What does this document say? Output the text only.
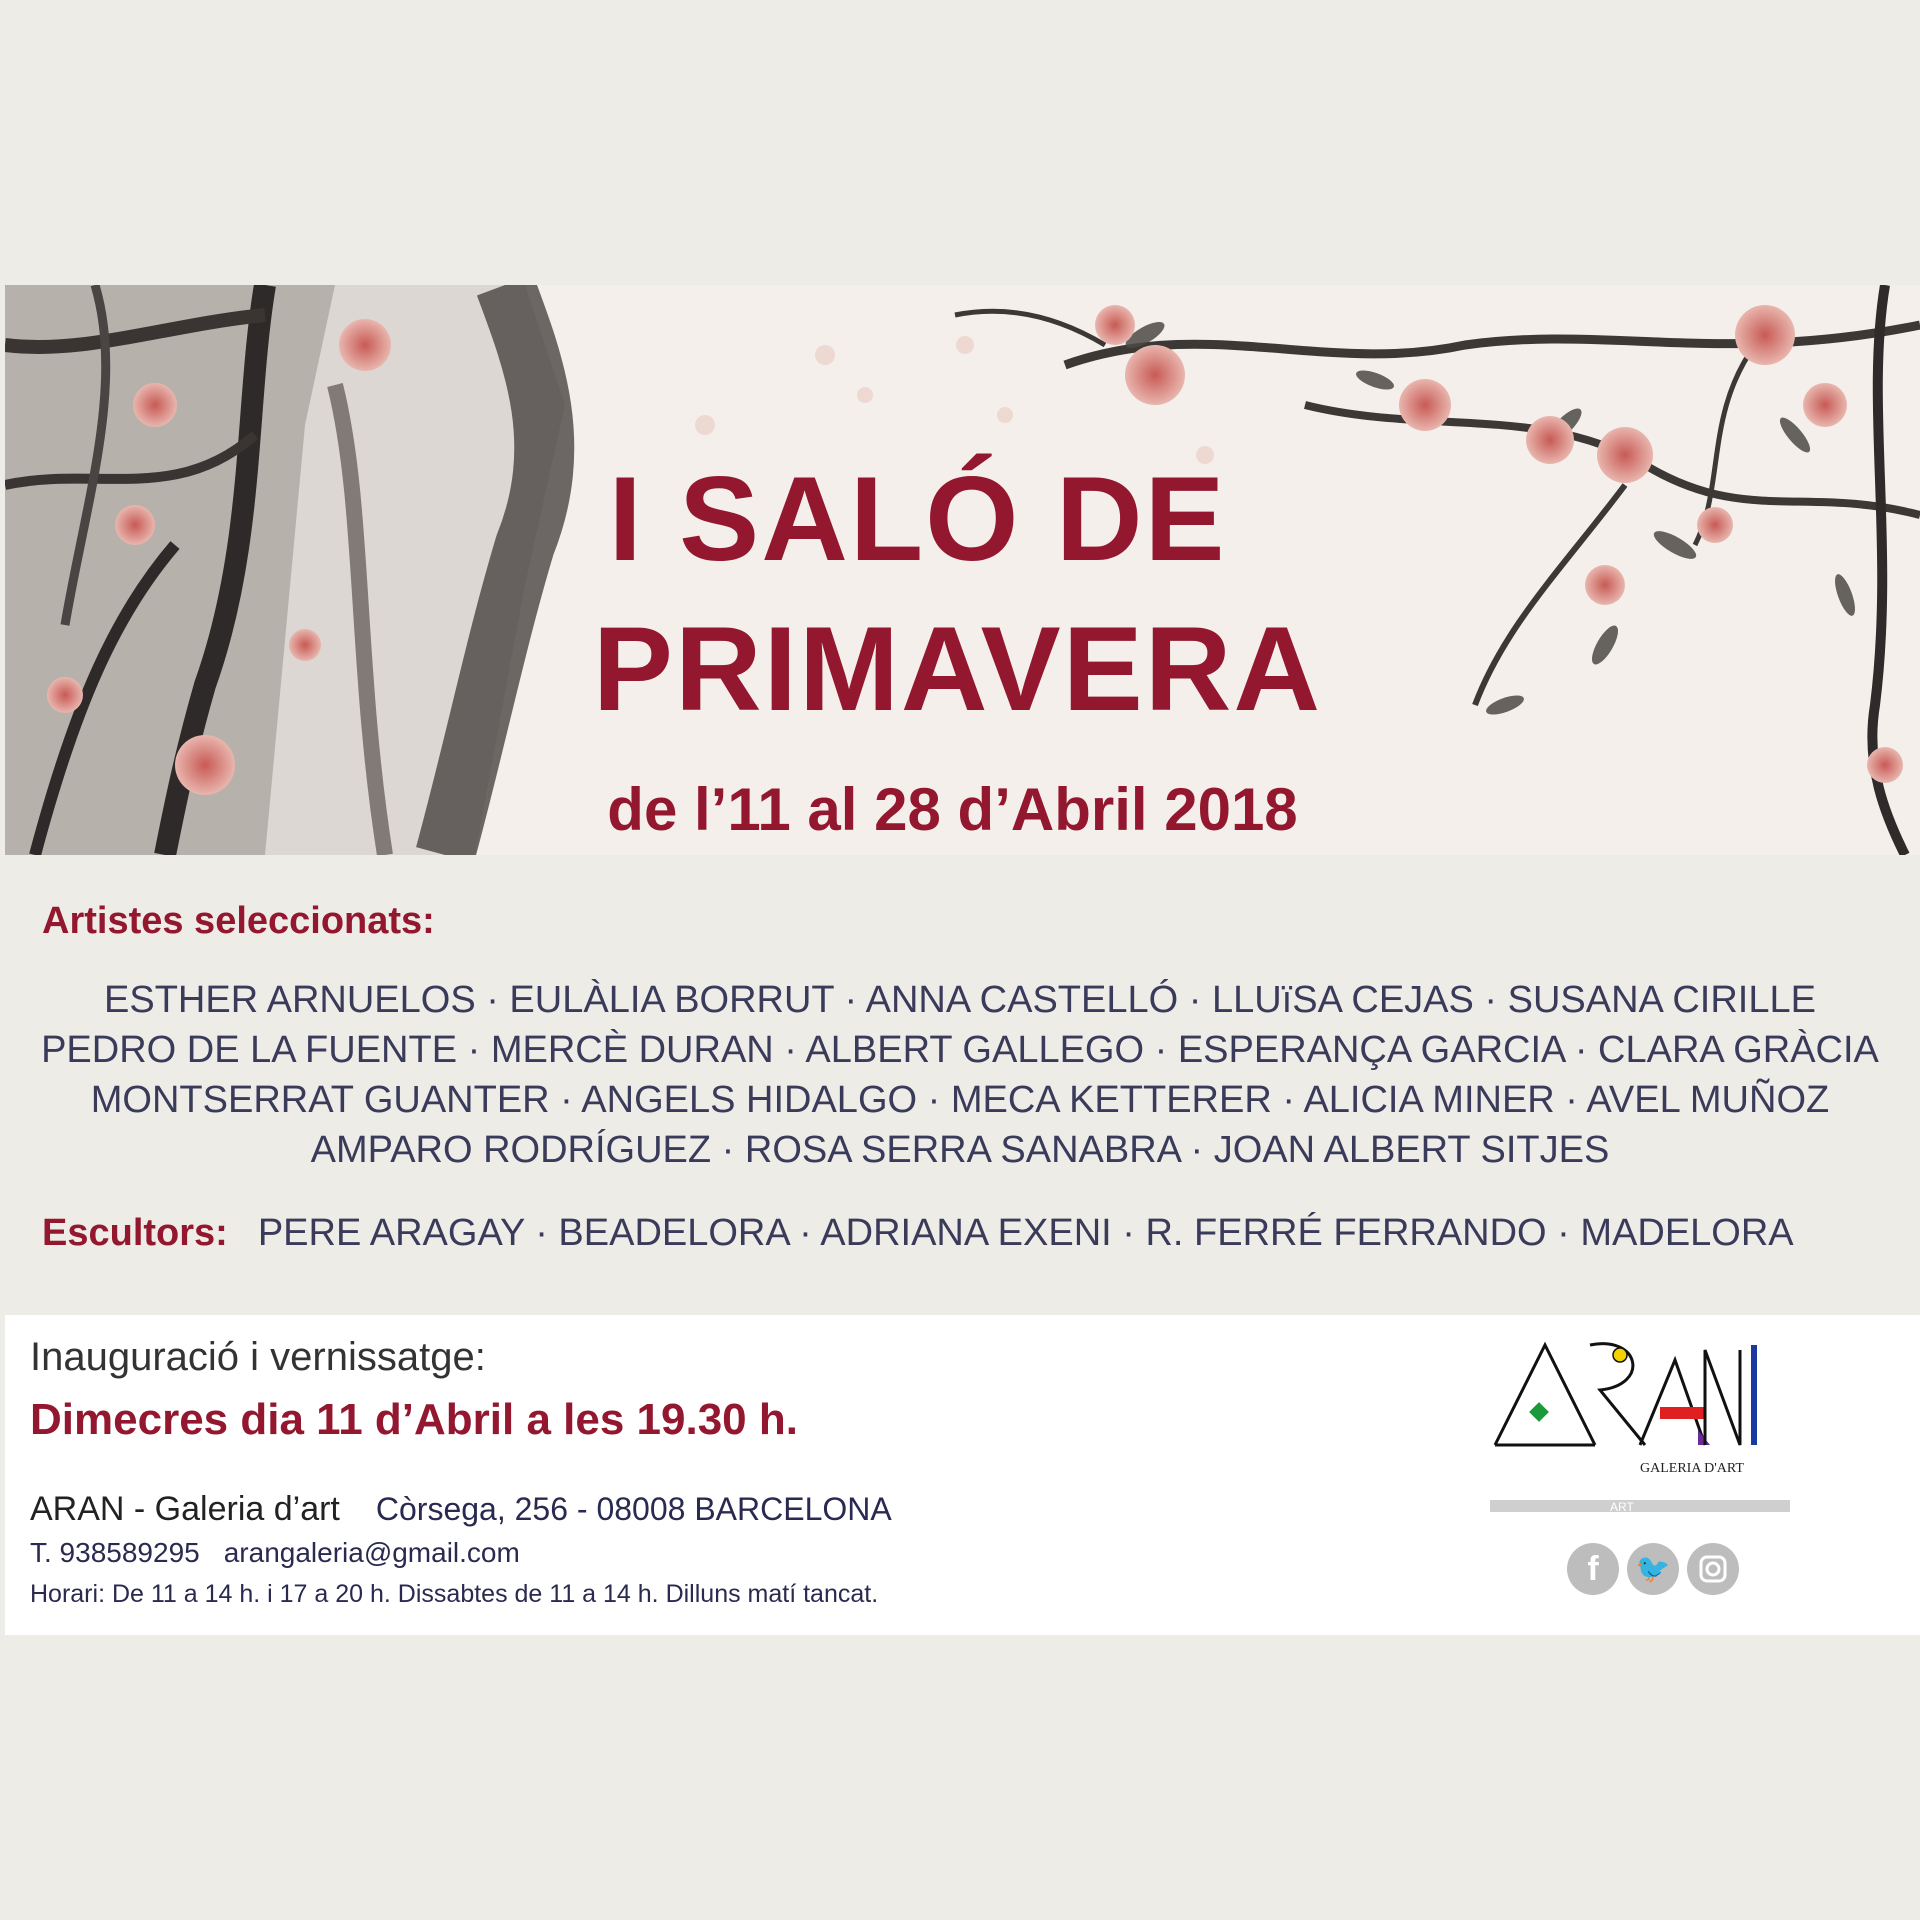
I SALÓ DE
PRIMAVERA
de l’11 al 28 d’Abril 2018
Artistes seleccionats:
ESTHER ARNUELOS · EULÀLIA BORRUT · ANNA CASTELLÓ · LLUïSA CEJAS · SUSANA CIRILLE
PEDRO DE LA FUENTE · MERCÈ DURAN · ALBERT GALLEGO · ESPERANÇA GARCIA · CLARA GRÀCIA
MONTSERRAT GUANTER · ANGELS HIDALGO · MECA KETTERER · ALICIA MINER · AVEL MUÑOZ
AMPARO RODRÍGUEZ · ROSA SERRA SANABRA · JOAN ALBERT SITJES
Escultors: PERE ARAGAY · BEADELORA · ADRIANA EXENI · R. FERRÉ FERRANDO · MADELORA
Inauguració i vernissatge:
Dimecres dia 11 d’Abril a les 19.30 h.
ARAN - Galeria d’art Còrsega, 256 - 08008 BARCELONA
T. 938589295 arangaleria@gmail.com
Horari: De 11 a 14 h. i 17 a 20 h. Dissabtes de 11 a 14 h. Dilluns matí tancat.
GALERIA D'ART
ART
f	🐦
